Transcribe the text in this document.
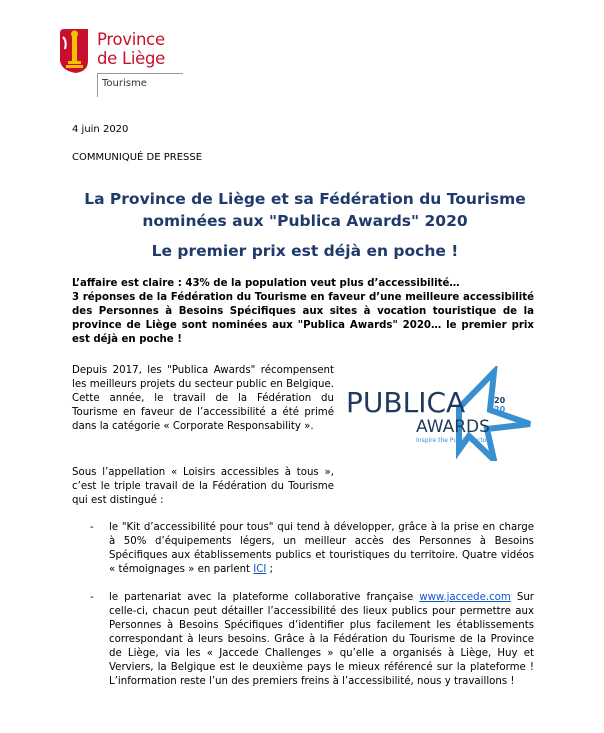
Province
de Liège
Tourisme
4 juin 2020
COMMUNIQUÉ DE PRESSE
La Province de Liège et sa Fédération du Tourisme
nominées aux "Publica Awards" 2020
Le premier prix est déjà en poche !
L’affaire est claire : 43% de la population veut plus d’accessibilité…
3 réponses de la Fédération du Tourisme en faveur d’une meilleure accessibilité des Personnes à Besoins Spécifiques aux sites à vocation touristique de la province de Liège sont nominées aux "Publica Awards" 2020… le premier prix est déjà en poche !
Depuis 2017, les "Publica Awards" récompensent les meilleurs projets du secteur public en Belgique. Cette année, le travail de la Fédération du Tourisme en faveur de l’accessibilité a été primé dans la catégorie « Corporate Responsability ».
Sous l’appellation « Loisirs accessibles à tous », c’est le triple travail de la Fédération du Tourisme qui est distingué :
PUBLICA	20
20
AWARDS
Inspire the Public Sector
- le "Kit d’accessibilité pour tous" qui tend à développer, grâce à la prise en charge à 50% d’équipements légers, un meilleur accès des Personnes à Besoins Spécifiques aux établissements publics et touristiques du territoire. Quatre vidéos « témoignages » en parlent ICI ;
- le partenariat avec la plateforme collaborative française www.jaccede.com Sur celle-ci, chacun peut détailler l’accessibilité des lieux publics pour permettre aux Personnes à Besoins Spécifiques d’identifier plus facilement les établissements correspondant à leurs besoins. Grâce à la Fédération du Tourisme de la Province de Liège, via les « Jaccede Challenges » qu’elle a organisés à Liège, Huy et Verviers, la Belgique est le deuxième pays le mieux référencé sur la plateforme ! L’information reste l’un des premiers freins à l’accessibilité, nous y travaillons !
